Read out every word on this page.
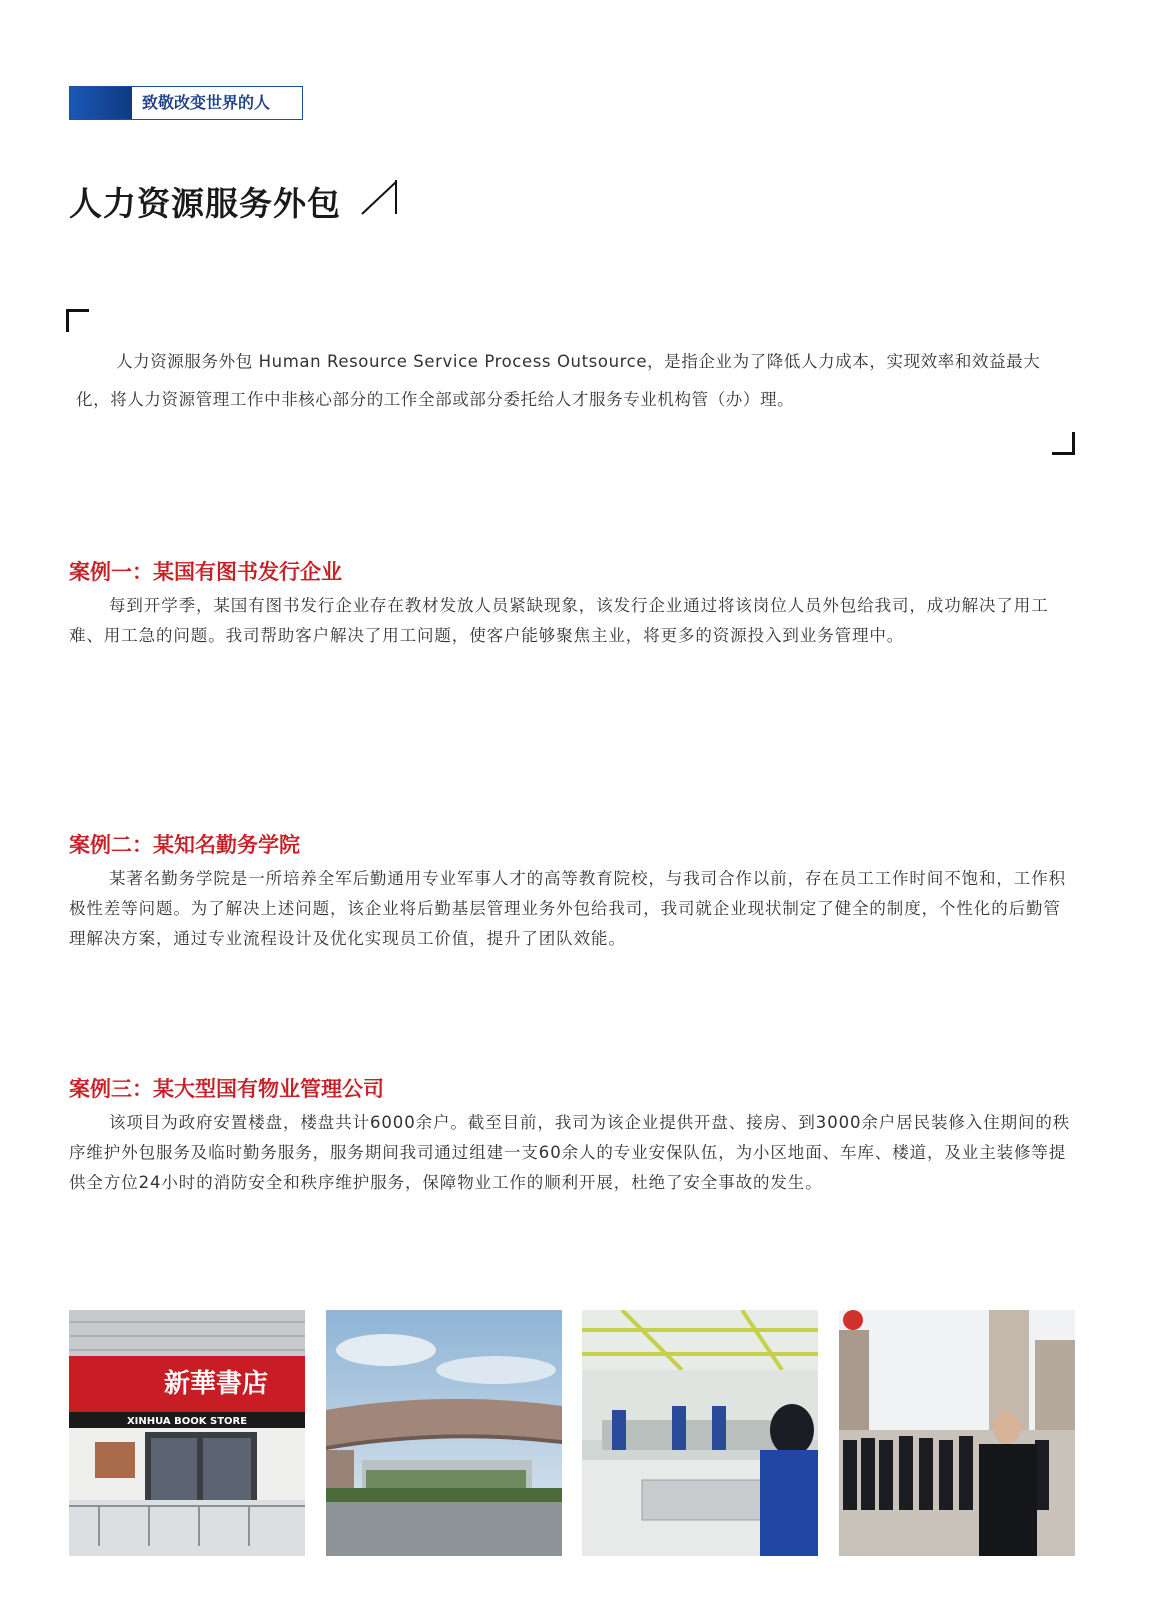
致敬改变世界的人
人力资源服务外包

人力资源服务外包 Human Resource Service Process Outsource，是指企业为了降低人力成本，实现效率和效益最大化，将人力资源管理工作中非核心部分的工作全部或部分委托给人才服务专业机构管（办）理。

案例一：某国有图书发行企业

每到开学季，某国有图书发行企业存在教材发放人员紧缺现象，该发行企业通过将该岗位人员外包给我司，成功解决了用工难、用工急的问题。我司帮助客户解决了用工问题，使客户能够聚焦主业，将更多的资源投入到业务管理中。

案例二：某知名勤务学院

某著名勤务学院是一所培养全军后勤通用专业军事人才的高等教育院校，与我司合作以前，存在员工工作时间不饱和，工作积极性差等问题。为了解决上述问题，该企业将后勤基层管理业务外包给我司，我司就企业现状制定了健全的制度，个性化的后勤管理解决方案，通过专业流程设计及优化实现员工价值，提升了团队效能。

案例三：某大型国有物业管理公司

该项目为政府安置楼盘，楼盘共计6000余户。截至目前，我司为该企业提供开盘、接房、到3000余户居民装修入住期间的秩序维护外包服务及临时勤务服务，服务期间我司通过组建一支60余人的专业安保队伍，为小区地面、车库、楼道，及业主装修等提供全方位24小时的消防安全和秩序维护服务，保障物业工作的顺利开展，杜绝了安全事故的发生。

新華書店
XINHUA BOOK STORE
